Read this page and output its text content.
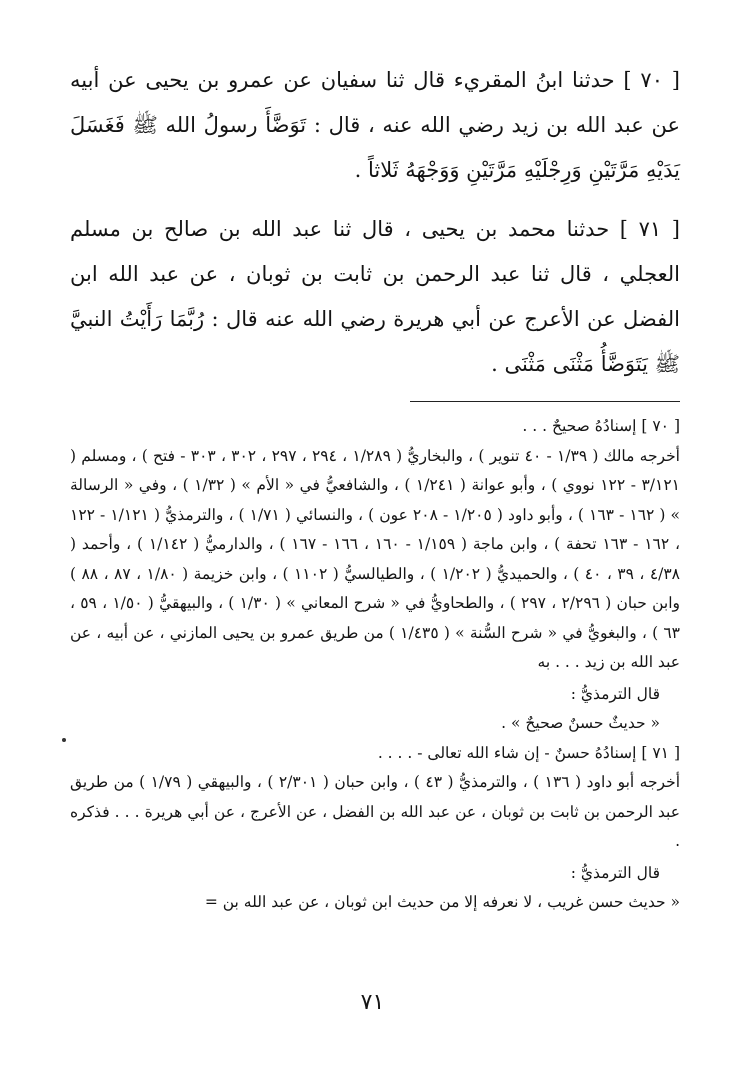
[ ٧٠ ] حدثنا ابنُ المقريء قال ثنا سفيان عن عمرو بن يحيى عن أبيه عن عبد الله بن زيد رضي الله عنه ، قال : تَوَضَّأَ رسولُ الله ﷺ فَغَسَلَ يَدَيْهِ مَرَّتَيْنِ وَرِجْلَيْهِ مَرَّتَيْنِ وَوَجْهَهُ ثَلاثاً .

[ ٧١ ] حدثنا محمد بن يحيى ، قال ثنا عبد الله بن صالح بن مسلم العجلي ، قال ثنا عبد الرحمن بن ثابت بن ثوبان ، عن عبد الله ابن الفضل عن الأعرج عن أبي هريرة رضي الله عنه قال : رُبَّمَا رَأَيْتُ النبيَّ ﷺ يَتَوَضَّأُ مَثْنَى مَثْنَى .

[ ٧٠ ] إسنادُهُ صحيحٌ . . .

أخرجه مالك ( ١/٣٩ - ٤٠ تنوير ) ، والبخاريُّ ( ١/٢٨٩ ، ٢٩٤ ، ٢٩٧ ، ٣٠٢ ، ٣٠٣ - فتح ) ، ومسلم ( ٣/١٢١ - ١٢٢ نووي ) ، وأبو عوانة ( ١/٢٤١ ) ، والشافعيُّ في « الأم » ( ١/٣٢ ) ، وفي « الرسالة » ( ١٦٢ - ١٦٣ ) ، وأبو داود ( ١/٢٠٥ - ٢٠٨ عون ) ، والنسائي ( ١/٧١ ) ، والترمذيُّ ( ١/١٢١ - ١٢٢ ، ١٦٢ - ١٦٣ تحفة ) ، وابن ماجة ( ١/١٥٩ - ١٦٠ ، ١٦٦ - ١٦٧ ) ، والدارميُّ ( ١/١٤٢ ) ، وأحمد ( ٤/٣٨ ، ٣٩ ، ٤٠ ) ، والحميديُّ ( ١/٢٠٢ ) ، والطيالسيُّ ( ١١٠٢ ) ، وابن خزيمة ( ١/٨٠ ، ٨٧ ، ٨٨ ) وابن حبان ( ٢/٢٩٦ ، ٢٩٧ ) ، والطحاويُّ في « شرح المعاني » ( ١/٣٠ ) ، والبيهقيُّ ( ١/٥٠ ، ٥٩ ، ٦٣ ) ، والبغويُّ في « شرح السُّنة » ( ١/٤٣٥ ) من طريق عمرو بن يحيى المازني ، عن أبيه ، عن عبد الله بن زيد . . . به

قال الترمذيُّ :

« حديثٌ حسنٌ صحيحٌ » .

[ ٧١ ] إسنادُهُ حسنٌ - إن شاء الله تعالى - . . . .

أخرجه أبو داود ( ١٣٦ ) ، والترمذيُّ ( ٤٣ ) ، وابن حبان ( ٢/٣٠١ ) ، والبيهقي ( ١/٧٩ ) من طريق عبد الرحمن بن ثابت بن ثوبان ، عن عبد الله بن الفضل ، عن الأعرج ، عن أبي هريرة . . . فذكره .

قال الترمذيُّ :

« حديث حسن غريب ، لا نعرفه إلا من حديث ابن ثوبان ، عن عبد الله بن =

٧١
